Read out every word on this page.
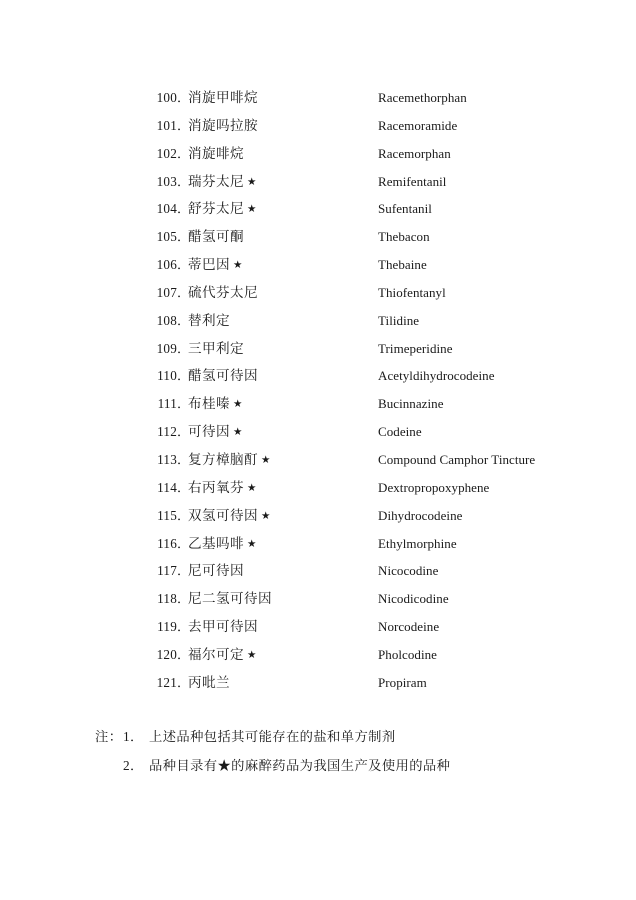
100．消旋甲啡烷	Racemethorphan
101．消旋吗拉胺	Racemoramide
102．消旋啡烷	Racemorphan
103．瑞芬太尼 ★	Remifentanil
104．舒芬太尼 ★	Sufentanil
105．醋氢可酮	Thebacon
106．蒂巴因 ★	Thebaine
107．硫代芬太尼	Thiofentanyl
108．替利定	Tilidine
109．三甲利定	Trimeperidine
110．醋氢可待因	Acetyldihydrocodeine
111．布桂嗪 ★	Bucinnazine
112．可待因 ★	Codeine
113．复方樟脑酊 ★	Compound Camphor Tincture
114．右丙氧芬 ★	Dextropropoxyphene
115．双氢可待因 ★	Dihydrocodeine
116．乙基吗啡 ★	Ethylmorphine
117．尼可待因	Nicocodine
118．尼二氢可待因	Nicodicodine
119．去甲可待因	Norcodeine
120．福尔可定 ★	Pholcodine
121．丙吡兰	Propiram
注：1． 上述品种包括其可能存在的盐和单方制剂
2． 品种目录有★的麻醉药品为我国生产及使用的品种
